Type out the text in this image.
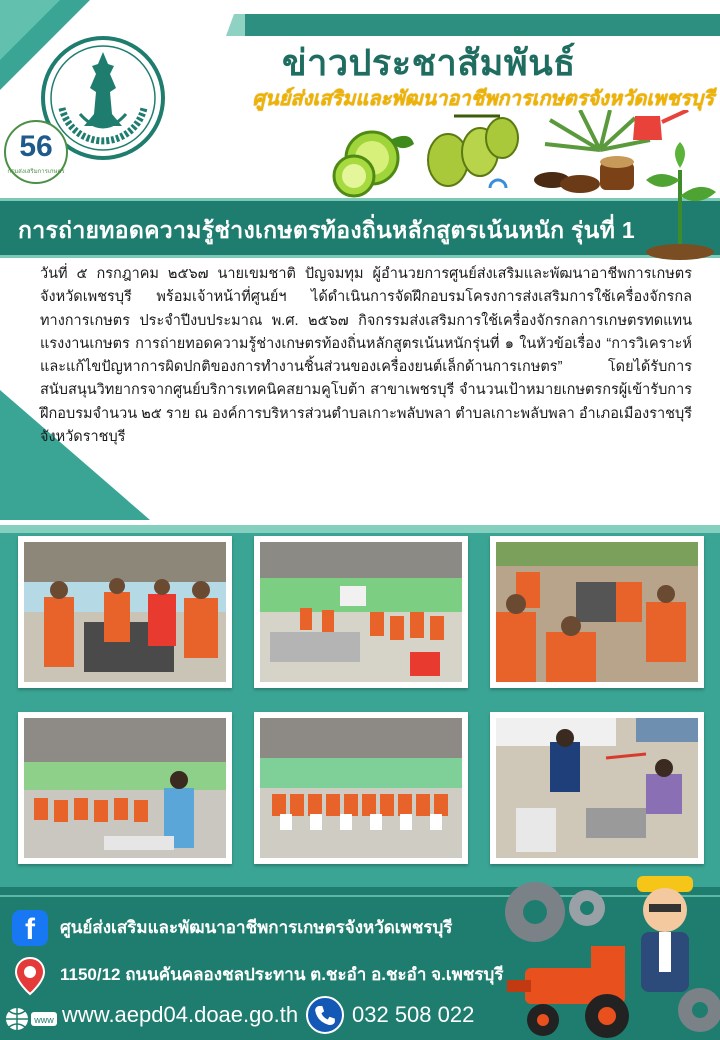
56
กรมส่งเสริมการเกษตร
ข่าวประชาสัมพันธ์
ศูนย์ส่งเสริมและพัฒนาอาชีพการเกษตรจังหวัดเพชรบุรี
การถ่ายทอดความรู้ช่างเกษตรท้องถิ่นหลักสูตรเน้นหนัก รุ่นที่ 1
วันที่ ๕ กรกฎาคม ๒๕๖๗ นายเขมชาติ ปัญจมทุม ผู้อำนวยการศูนย์ส่งเสริมและพัฒนาอาชีพการเกษตรจังหวัดเพชรบุรี พร้อมเจ้าหน้าที่ศูนย์ฯ ได้ดำเนินการจัดฝึกอบรมโครงการส่งเสริมการใช้เครื่องจักรกลทางการเกษตร ประจำปีงบประมาณ พ.ศ. ๒๕๖๗ กิจกรรมส่งเสริมการใช้เครื่องจักรกลการเกษตรทดแทนแรงงานเกษตร การถ่ายทอดความรู้ช่างเกษตรท้องถิ่นหลักสูตรเน้นหนักรุ่นที่ ๑ ในหัวข้อเรื่อง “การวิเคราะห์และแก้ไขปัญหาการผิดปกติของการทำงานชิ้นส่วนของเครื่องยนต์เล็กด้านการเกษตร” โดยได้รับการสนับสนุนวิทยากรจากศูนย์บริการเทคนิคสยามคูโบต้า สาขาเพชรบุรี จำนวนเป้าหมายเกษตรกรผู้เข้ารับการฝึกอบรมจำนวน ๒๕ ราย ณ องค์การบริหารส่วนตำบลเกาะพลับพลา ตำบลเกาะพลับพลา อำเภอเมืองราชบุรี จังหวัดราชบุรี
f	ศูนย์ส่งเสริมและพัฒนาอาชีพการเกษตรจังหวัดเพชรบุรี
1150/12 ถนนคันคลองชลประทาน ต.ชะอำ อ.ชะอำ จ.เพชรบุรี
www www.aepd04.doae.go.th 032 508 022
